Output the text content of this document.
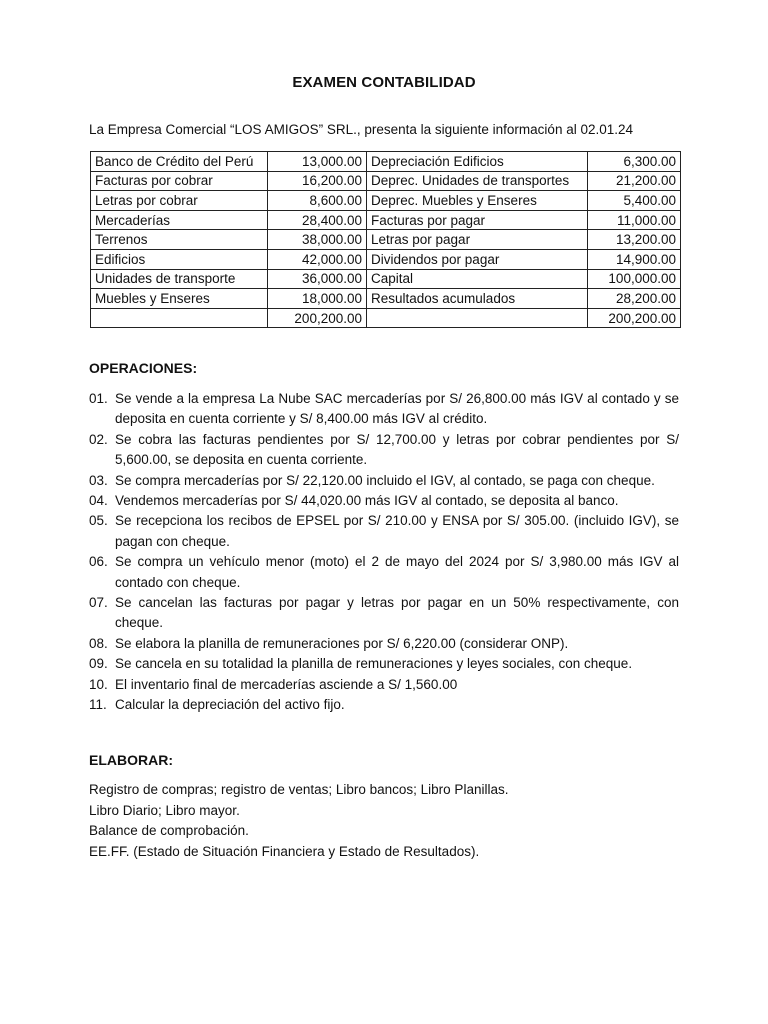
EXAMEN CONTABILIDAD
La Empresa Comercial “LOS AMIGOS” SRL., presenta la siguiente información al 02.01.24
Banco de Crédito del Perú	13,000.00	Depreciación Edificios	6,300.00
Facturas por cobrar	16,200.00	Deprec. Unidades de transportes	21,200.00
Letras por cobrar	8,600.00	Deprec. Muebles y Enseres	5,400.00
Mercaderías	28,400.00	Facturas por pagar	11,000.00
Terrenos	38,000.00	Letras por pagar	13,200.00
Edificios	42,000.00	Dividendos por pagar	14,900.00
Unidades de transporte	36,000.00	Capital	100,000.00
Muebles y Enseres	18,000.00	Resultados acumulados	28,200.00
	200,200.00		200,200.00
OPERACIONES:
01. Se vende a la empresa La Nube SAC mercaderías por S/ 26,800.00 más IGV al contado y se deposita en cuenta corriente y S/ 8,400.00 más IGV al crédito.
02. Se cobra las facturas pendientes por S/ 12,700.00 y letras por cobrar pendientes por S/ 5,600.00, se deposita en cuenta corriente.
03. Se compra mercaderías por S/ 22,120.00 incluido el IGV, al contado, se paga con cheque.
04. Vendemos mercaderías por S/ 44,020.00 más IGV al contado, se deposita al banco.
05. Se recepciona los recibos de EPSEL por S/ 210.00 y ENSA por S/ 305.00. (incluido IGV), se pagan con cheque.
06. Se compra un vehículo menor (moto) el 2 de mayo del 2024 por S/ 3,980.00 más IGV al contado con cheque.
07. Se cancelan las facturas por pagar y letras por pagar en un 50% respectivamente, con cheque.
08. Se elabora la planilla de remuneraciones por S/ 6,220.00 (considerar ONP).
09. Se cancela en su totalidad la planilla de remuneraciones y leyes sociales, con cheque.
10. El inventario final de mercaderías asciende a S/ 1,560.00
11. Calcular la depreciación del activo fijo.
ELABORAR:
Registro de compras; registro de ventas; Libro bancos; Libro Planillas.
Libro Diario; Libro mayor.
Balance de comprobación.
EE.FF. (Estado de Situación Financiera y Estado de Resultados).
